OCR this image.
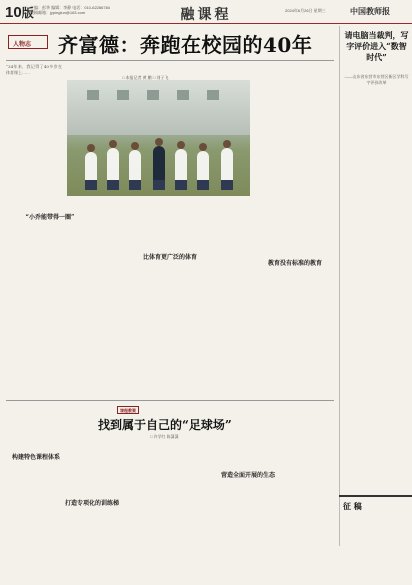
10版
主编：彭华 编辑：李静 电话：010-62286784
投稿邮箱：jypinglun@163.com	融课程	2024年6月26日 星期三	中国教师报
人物志 齐富德：奔跑在校园的40年
“34年来，我记得了40多岁在体育课上……
□ 本报记者 黄 鹏 □ 刘子飞
“小乔能带得一圈”
比体育更广泛的体育
教育没有标准的教育
课程教案
找到属于自己的“足球场”
□ 许学红 陈潇潇
构建特色课程体系
打造专项化的训练梯
营造全面开展的生态
请电脑当裁判，写字评价进入“数智时代”
——山东省东营市东营区新区学科写字评价改革
征 稿
